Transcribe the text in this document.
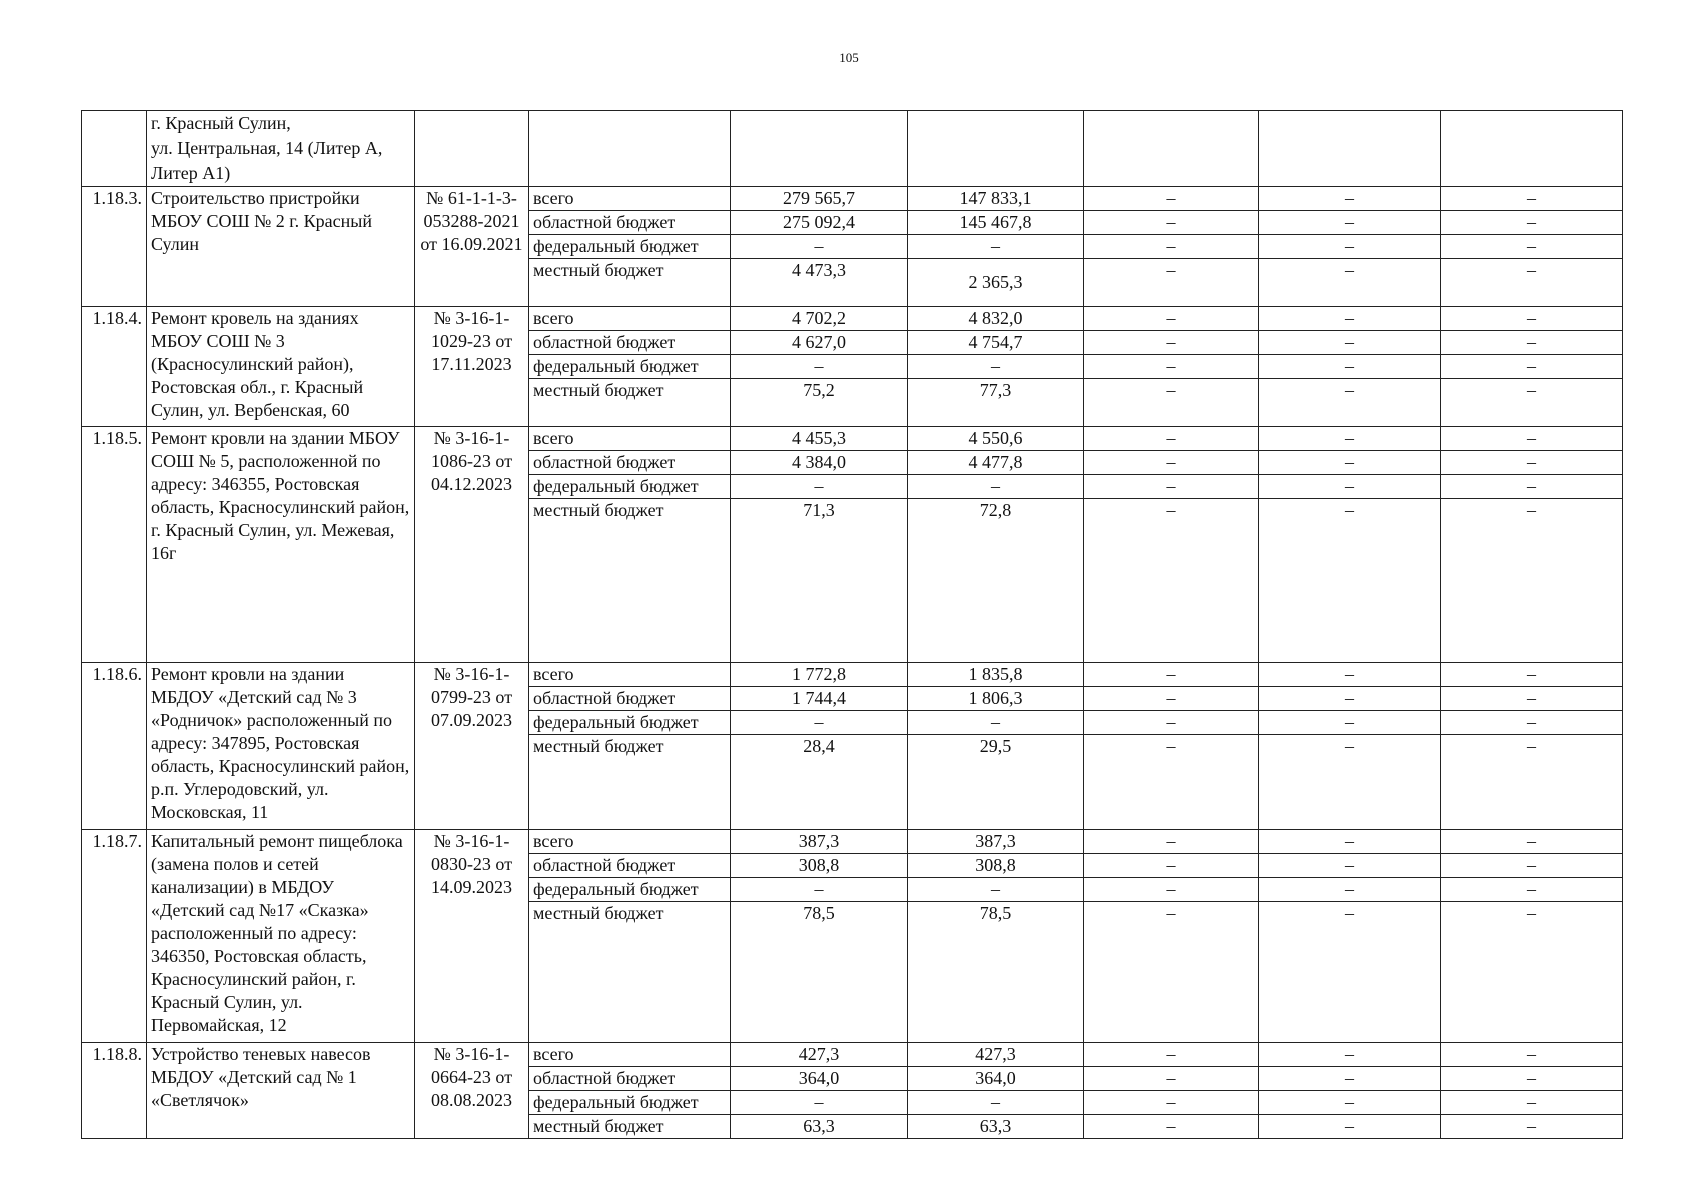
105
	г. Красный Сулин,
ул. Центральная, 14 (Литер А, Литер А1)							
1.18.3.	Строительство пристройки МБОУ СОШ № 2 г. Красный Сулин	№ 61-1-1-3-053288-2021 от 16.09.2021	всего	279 565,7	147 833,1	–	–	–
			областной бюджет	275 092,4	145 467,8	–	–	–
			федеральный бюджет	–	–	–	–	–
			местный бюджет	4 473,3	2 365,3	–	–	–
1.18.4.	Ремонт кровель на зданиях МБОУ СОШ № 3 (Красносулинский район), Ростовская обл., г. Красный Сулин, ул. Вербенская, 60	№ 3-16-1-1029-23 от 17.11.2023	всего	4 702,2	4 832,0	–	–	–
			областной бюджет	4 627,0	4 754,7	–	–	–
			федеральный бюджет	–	–	–	–	–
			местный бюджет	75,2	77,3	–	–	–
1.18.5.	Ремонт кровли на здании МБОУ СОШ № 5, расположенной по адресу: 346355, Ростовская область, Красносулинский район, г. Красный Сулин, ул. Межевая, 16г	№ 3-16-1-1086-23 от 04.12.2023	всего	4 455,3	4 550,6	–	–	–
			областной бюджет	4 384,0	4 477,8	–	–	–
			федеральный бюджет	–	–	–	–	–
			местный бюджет	71,3	72,8	–	–	–
1.18.6.	Ремонт кровли на здании МБДОУ «Детский сад № 3 «Родничок» расположенный по адресу: 347895, Ростовская область, Красносулинский район, р.п. Углеродовский, ул. Московская, 11	№ 3-16-1-0799-23 от 07.09.2023	всего	1 772,8	1 835,8	–	–	–
			областной бюджет	1 744,4	1 806,3	–	–	–
			федеральный бюджет	–	–	–	–	–
			местный бюджет	28,4	29,5	–	–	–
1.18.7.	Капитальный ремонт пищеблока (замена полов и сетей канализации) в МБДОУ «Детский сад №17 «Сказка» расположенный по адресу: 346350, Ростовская область, Красносулинский район, г. Красный Сулин, ул. Первомайская, 12	№ 3-16-1-0830-23 от 14.09.2023	всего	387,3	387,3	–	–	–
			областной бюджет	308,8	308,8	–	–	–
			федеральный бюджет	–	–	–	–	–
			местный бюджет	78,5	78,5	–	–	–
1.18.8.	Устройство теневых навесов МБДОУ «Детский сад № 1 «Светлячок»	№ 3-16-1-0664-23 от 08.08.2023	всего	427,3	427,3	–	–	–
			областной бюджет	364,0	364,0	–	–	–
			федеральный бюджет	–	–	–	–	–
			местный бюджет	63,3	63,3	–	–	–
